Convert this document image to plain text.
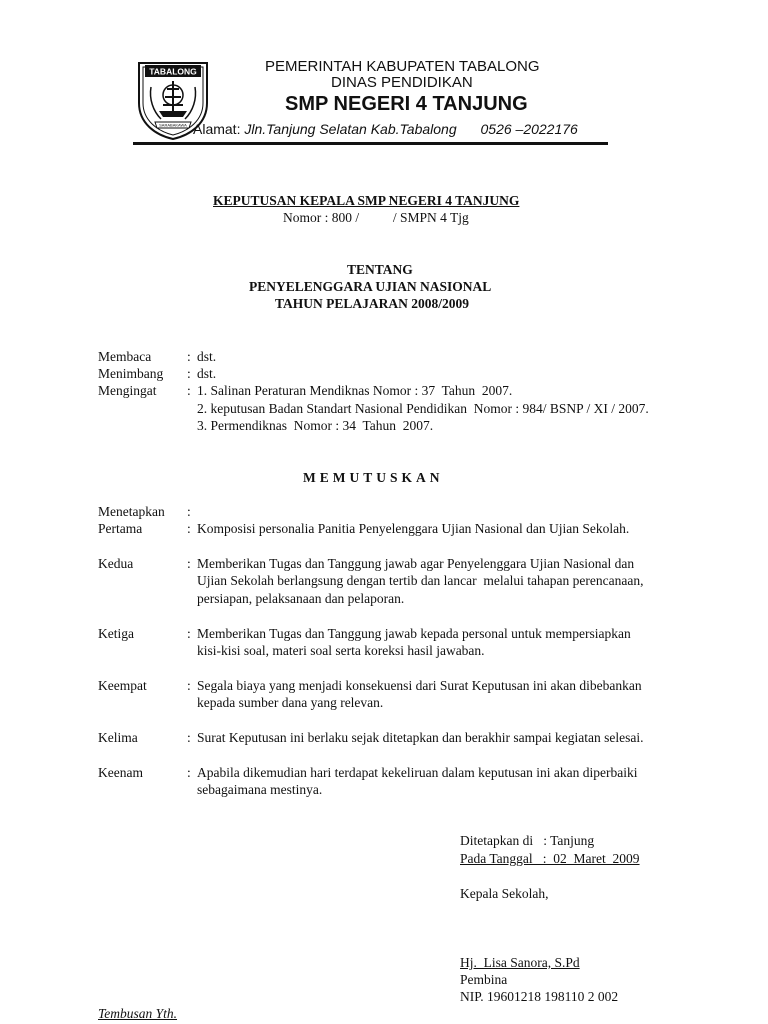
TABALONG
SARABAKAWA
PEMERINTAH KABUPATEN TABALONG
DINAS PENDIDIKAN
SMP NEGERI 4 TANJUNG
Alamat: Jln.Tanjung Selatan Kab.Tabalong 0526 –2022176
KEPUTUSAN KEPALA SMP NEGERI 4 TANJUNG
Nomor : 800 /          / SMPN 4 Tjg
TENTANG
PENYELENGGARA UJIAN NASIONAL
TAHUN PELAJARAN 2008/2009
Membaca	: dst.
Menimbang : dst.
Mengingat : 1. Salinan Peraturan Mendiknas Nomor : 37  Tahun  2007.
2. keputusan Badan Standart Nasional Pendidikan  Nomor : 984/ BSNP / XI / 2007.
3. Permendiknas  Nomor : 34  Tahun  2007.
MEMUTUSKAN
Menetapkan :
Pertama	: Komposisi personalia Panitia Penyelenggara Ujian Nasional dan Ujian Sekolah.
Kedua	: Memberikan Tugas dan Tanggung jawab agar Penyelenggara Ujian Nasional dan
Ujian Sekolah berlangsung dengan tertib dan lancar  melalui tahapan perencanaan,
persiapan, pelaksanaan dan pelaporan.
Ketiga	: Memberikan Tugas dan Tanggung jawab kepada personal untuk mempersiapkan
kisi-kisi soal, materi soal serta koreksi hasil jawaban.
Keempat	: Segala biaya yang menjadi konsekuensi dari Surat Keputusan ini akan dibebankan
kepada sumber dana yang relevan.
Kelima	: Surat Keputusan ini berlaku sejak ditetapkan dan berakhir sampai kegiatan selesai.
Keenam	: Apabila dikemudian hari terdapat kekeliruan dalam keputusan ini akan diperbaiki
sebagaimana mestinya.
Ditetapkan di   : Tanjung
Pada Tanggal   :  02  Maret  2009
Kepala Sekolah,
Hj.  Lisa Sanora, S.Pd
Pembina
NIP. 19601218 198110 2 002
Tembusan Yth.
